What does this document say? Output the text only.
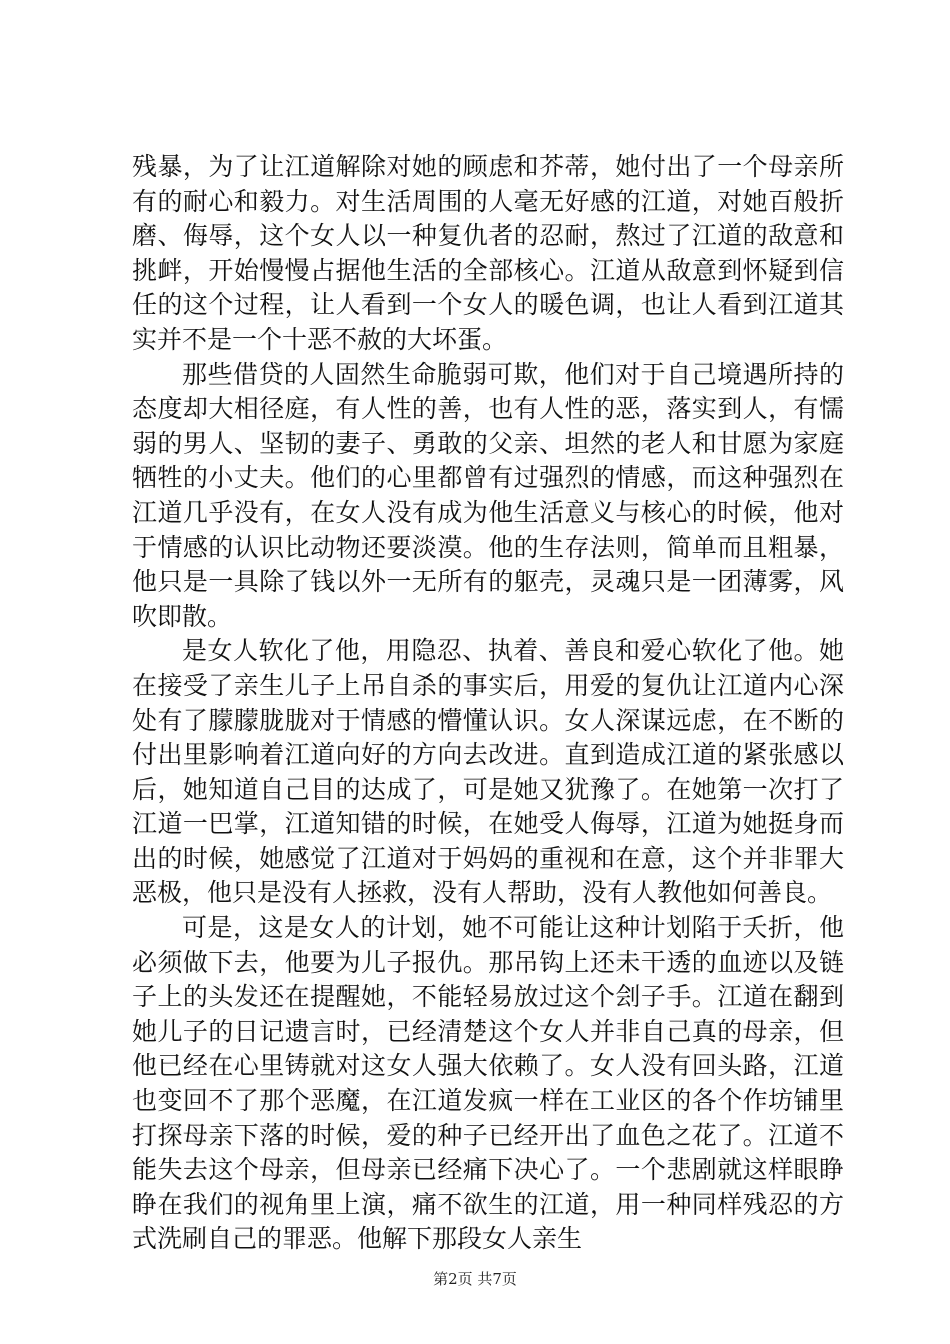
残暴，为了让江道解除对她的顾虑和芥蒂，她付出了一个母亲所有的耐心和毅力。对生活周围的人毫无好感的江道，对她百般折磨、侮辱，这个女人以一种复仇者的忍耐，熬过了江道的敌意和挑衅，开始慢慢占据他生活的全部核心。江道从敌意到怀疑到信任的这个过程，让人看到一个女人的暖色调，也让人看到江道其实并不是一个十恶不赦的大坏蛋。

那些借贷的人固然生命脆弱可欺，他们对于自己境遇所持的态度却大相径庭，有人性的善，也有人性的恶，落实到人，有懦弱的男人、坚韧的妻子、勇敢的父亲、坦然的老人和甘愿为家庭牺牲的小丈夫。他们的心里都曾有过强烈的情感，而这种强烈在江道几乎没有，在女人没有成为他生活意义与核心的时候，他对于情感的认识比动物还要淡漠。他的生存法则，简单而且粗暴，他只是一具除了钱以外一无所有的躯壳，灵魂只是一团薄雾，风吹即散。

是女人软化了他，用隐忍、执着、善良和爱心软化了他。她在接受了亲生儿子上吊自杀的事实后，用爱的复仇让江道内心深处有了朦朦胧胧对于情感的懵懂认识。女人深谋远虑，在不断的付出里影响着江道向好的方向去改进。直到造成江道的紧张感以后，她知道自己目的达成了，可是她又犹豫了。在她第一次打了江道一巴掌，江道知错的时候，在她受人侮辱，江道为她挺身而出的时候，她感觉了江道对于妈妈的重视和在意，这个并非罪大恶极，他只是没有人拯救，没有人帮助，没有人教他如何善良。

可是，这是女人的计划，她不可能让这种计划陷于夭折，他必须做下去，他要为儿子报仇。那吊钩上还未干透的血迹以及链子上的头发还在提醒她，不能轻易放过这个刽子手。江道在翻到她儿子的日记遗言时，已经清楚这个女人并非自己真的母亲，但他已经在心里铸就对这女人强大依赖了。女人没有回头路，江道也变回不了那个恶魔，在江道发疯一样在工业区的各个作坊铺里打探母亲下落的时候，爱的种子已经开出了血色之花了。江道不能失去这个母亲，但母亲已经痛下决心了。一个悲剧就这样眼睁睁在我们的视角里上演，痛不欲生的江道，用一种同样残忍的方式洗刷自己的罪恶。他解下那段女人亲生

第2页 共7页
